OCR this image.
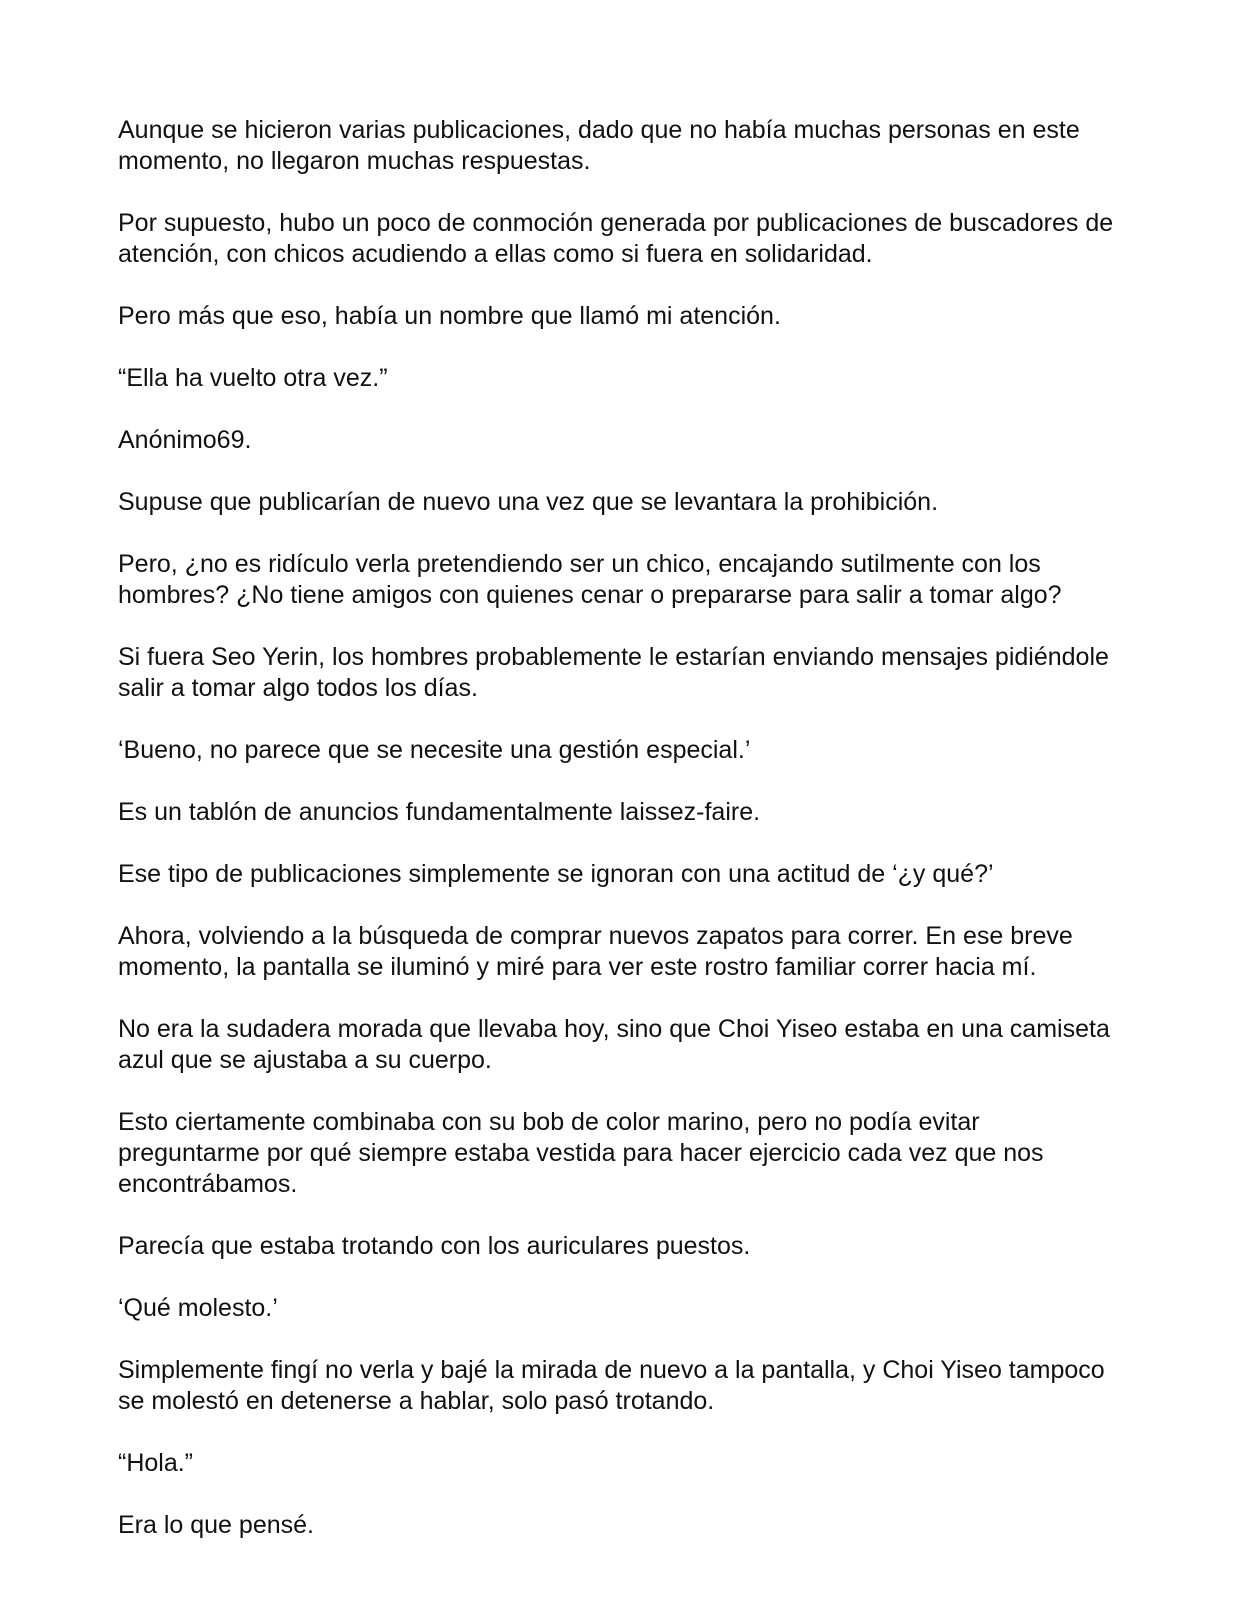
Aunque se hicieron varias publicaciones, dado que no había muchas personas en este momento, no llegaron muchas respuestas.

Por supuesto, hubo un poco de conmoción generada por publicaciones de buscadores de atención, con chicos acudiendo a ellas como si fuera en solidaridad.

Pero más que eso, había un nombre que llamó mi atención.

“Ella ha vuelto otra vez.”

Anónimo69.

Supuse que publicarían de nuevo una vez que se levantara la prohibición.

Pero, ¿no es ridículo verla pretendiendo ser un chico, encajando sutilmente con los hombres? ¿No tiene amigos con quienes cenar o prepararse para salir a tomar algo?

Si fuera Seo Yerin, los hombres probablemente le estarían enviando mensajes pidiéndole salir a tomar algo todos los días.

‘Bueno, no parece que se necesite una gestión especial.’

Es un tablón de anuncios fundamentalmente laissez-faire.

Ese tipo de publicaciones simplemente se ignoran con una actitud de ‘¿y qué?’

Ahora, volviendo a la búsqueda de comprar nuevos zapatos para correr. En ese breve momento, la pantalla se iluminó y miré para ver este rostro familiar correr hacia mí.

No era la sudadera morada que llevaba hoy, sino que Choi Yiseo estaba en una camiseta azul que se ajustaba a su cuerpo.

Esto ciertamente combinaba con su bob de color marino, pero no podía evitar preguntarme por qué siempre estaba vestida para hacer ejercicio cada vez que nos encontrábamos.

Parecía que estaba trotando con los auriculares puestos.

‘Qué molesto.’

Simplemente fingí no verla y bajé la mirada de nuevo a la pantalla, y Choi Yiseo tampoco se molestó en detenerse a hablar, solo pasó trotando.

“Hola.”

Era lo que pensé.
